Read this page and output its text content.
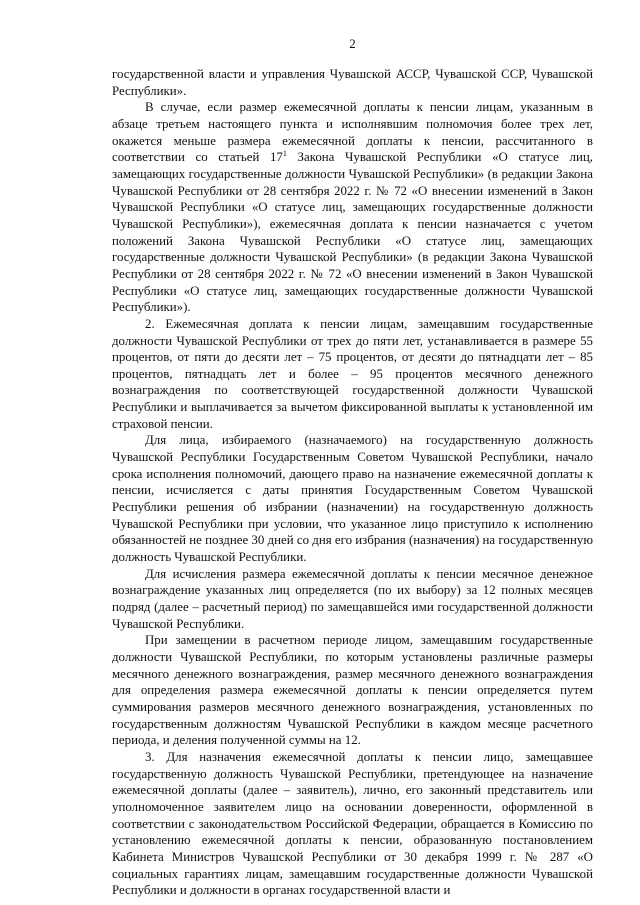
2

государственной власти и управления Чувашской АССР, Чувашской ССР, Чувашской Республики».

В случае, если размер ежемесячной доплаты к пенсии лицам, указанным в абзаце третьем настоящего пункта и исполнявшим полномочия более трех лет, окажется меньше размера ежемесячной доплаты к пенсии, рассчитанного в соответствии со статьей $17^1$ Закона Чувашской Республики «О статусе лиц, замещающих государственные должности Чувашской Республики» (в редакции Закона Чувашской Республики от 28 сентября 2022 г. № 72 «О внесении изменений в Закон Чувашской Республики «О статусе лиц, замещающих государственные должности Чувашской Республики»), ежемесячная доплата к пенсии назначается с учетом положений Закона Чувашской Республики «О статусе лиц, замещающих государственные должности Чувашской Республики» (в редакции Закона Чувашской Республики от 28 сентября 2022 г. № 72 «О внесении изменений в Закон Чувашской Республики «О статусе лиц, замещающих государственные должности Чувашской Республики»).

2. Ежемесячная доплата к пенсии лицам, замещавшим государственные должности Чувашской Республики от трех до пяти лет, устанавливается в размере 55 процентов, от пяти до десяти лет – 75 процентов, от десяти до пятнадцати лет – 85 процентов, пятнадцать лет и более – 95 процентов месячного денежного вознаграждения по соответствующей государственной должности Чувашской Республики и выплачивается за вычетом фиксированной выплаты к установленной им страховой пенсии.

Для лица, избираемого (назначаемого) на государственную должность Чувашской Республики Государственным Советом Чувашской Республики, начало срока исполнения полномочий, дающего право на назначение ежемесячной доплаты к пенсии, исчисляется с даты принятия Государственным Советом Чувашской Республики решения об избрании (назначении) на государственную должность Чувашской Республики при условии, что указанное лицо приступило к исполнению обязанностей не позднее 30 дней со дня его избрания (назначения) на государственную должность Чувашской Республики.

Для исчисления размера ежемесячной доплаты к пенсии месячное денежное вознаграждение указанных лиц определяется (по их выбору) за 12 полных месяцев подряд (далее – расчетный период) по замещавшейся ими государственной должности Чувашской Республики.

При замещении в расчетном периоде лицом, замещавшим государственные должности Чувашской Республики, по которым установлены различные размеры месячного денежного вознаграждения, размер месячного денежного вознаграждения для определения размера ежемесячной доплаты к пенсии определяется путем суммирования размеров месячного денежного вознаграждения, установленных по государственным должностям Чувашской Республики в каждом месяце расчетного периода, и деления полученной суммы на 12.

3. Для назначения ежемесячной доплаты к пенсии лицо, замещавшее государственную должность Чувашской Республики, претендующее на назначение ежемесячной доплаты (далее – заявитель), лично, его законный представитель или уполномоченное заявителем лицо на основании доверенности, оформленной в соответствии с законодательством Российской Федерации, обращается в Комиссию по установлению ежемесячной доплаты к пенсии, образованную постановлением Кабинета Министров Чувашской Республики от 30 декабря 1999 г. № 287 «О социальных гарантиях лицам, замещавшим государственные должности Чувашской Республики и должности в органах государственной власти и
